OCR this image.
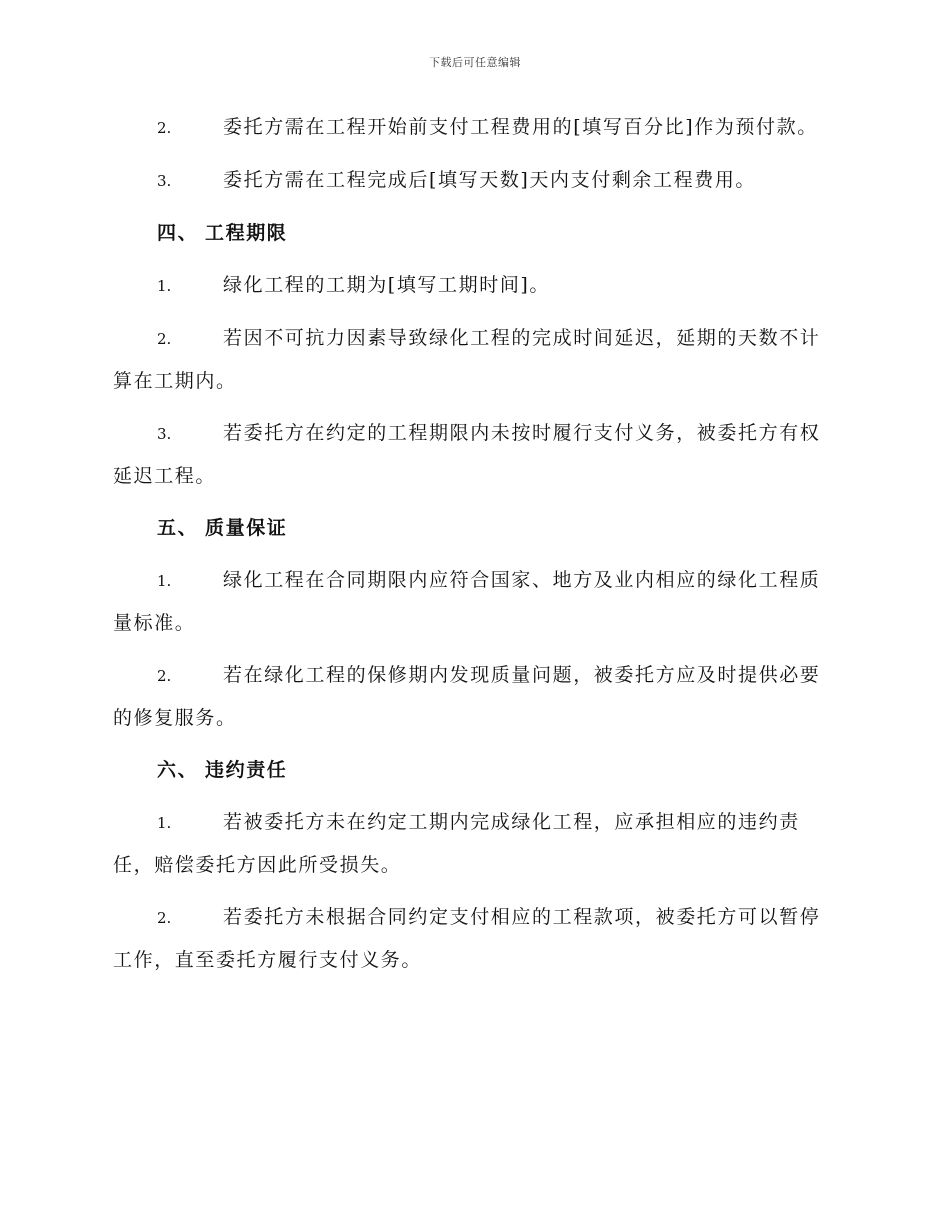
下载后可任意编辑
2.	委托方需在工程开始前支付工程费用的[填写百分比]作为预付款。
3.	委托方需在工程完成后[填写天数]天内支付剩余工程费用。
四、 工程期限
1.	绿化工程的工期为[填写工期时间]。
2.	若因不可抗力因素导致绿化工程的完成时间延迟，延期的天数不计算在工期内。
3.	若委托方在约定的工程期限内未按时履行支付义务，被委托方有权延迟工程。
五、 质量保证
1.	绿化工程在合同期限内应符合国家、地方及业内相应的绿化工程质量标准。
2.	若在绿化工程的保修期内发现质量问题，被委托方应及时提供必要的修复服务。
六、 违约责任
1.	若被委托方未在约定工期内完成绿化工程，应承担相应的违约责任，赔偿委托方因此所受损失。
2.	若委托方未根据合同约定支付相应的工程款项，被委托方可以暂停工作，直至委托方履行支付义务。
